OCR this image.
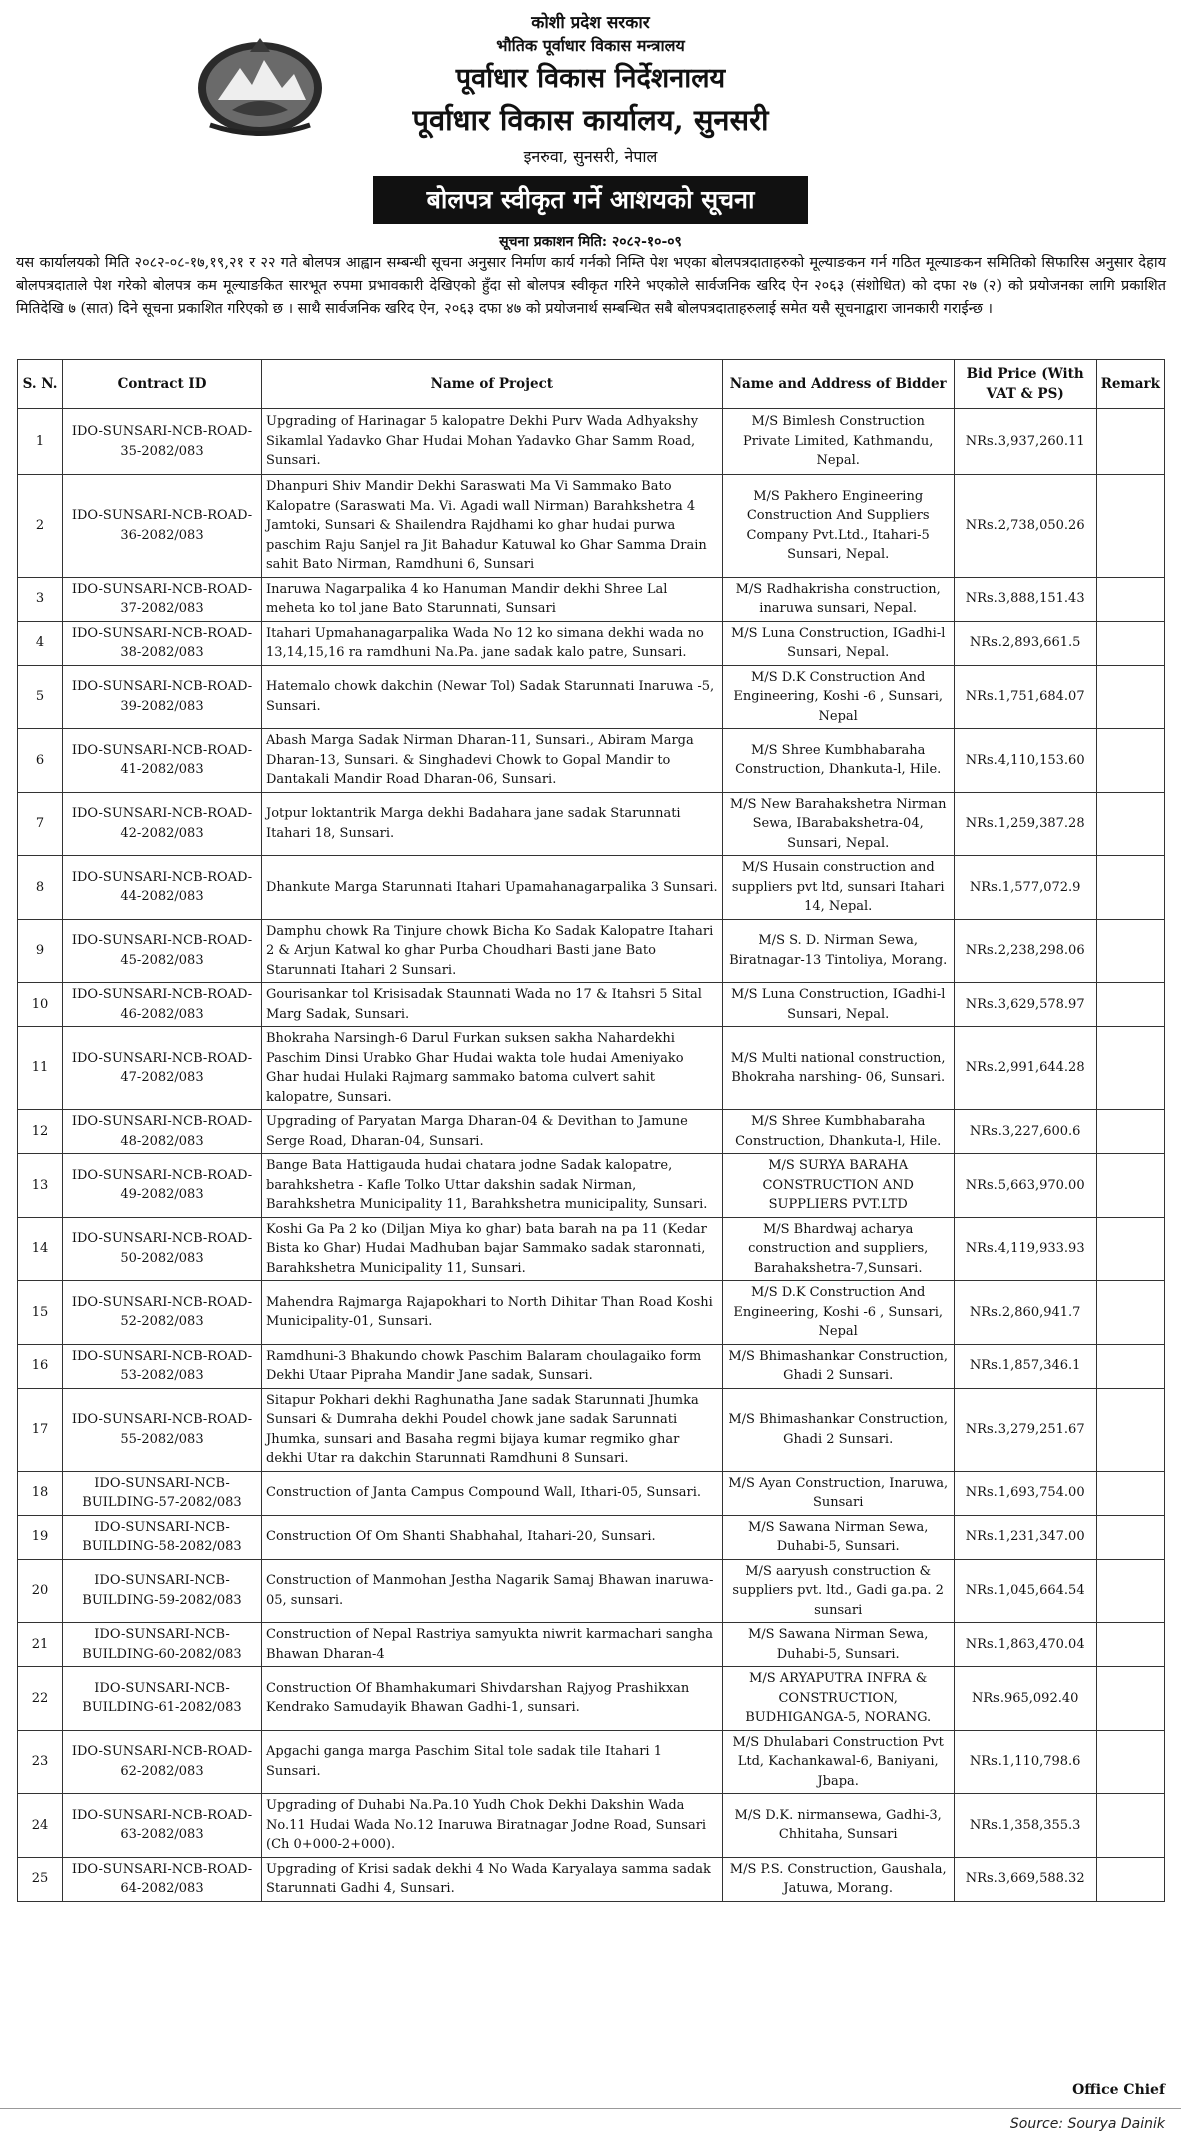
कोशी प्रदेश सरकार
भौतिक पूर्वाधार विकास मन्त्रालय
पूर्वाधार विकास निर्देशनालय
पूर्वाधार विकास कार्यालय, सुनसरी
इनरुवा, सुनसरी, नेपाल
बोलपत्र स्वीकृत गर्ने आशयको सूचना
सूचना प्रकाशन मिति: २०८२-१०-०९
यस कार्यालयको मिति २०८२-०८-१७,१९,२१ र २२ गते बोलपत्र आह्वान सम्बन्धी सूचना अनुसार निर्माण कार्य गर्नको निम्ति पेश भएका बोलपत्रदाताहरुको मूल्याङकन गर्न गठित मूल्याङकन समितिको सिफारिस अनुसार देहाय बोलपत्रदाताले पेश गरेको बोलपत्र कम मूल्याङकित सारभूत रुपमा प्रभावकारी देखिएको हुँदा सो बोलपत्र स्वीकृत गरिने भएकोले सार्वजनिक खरिद ऐन २०६३ (संशोधित) को दफा २७ (२) को प्रयोजनका लागि प्रकाशित मितिदेखि ७ (सात) दिने सूचना प्रकाशित गरिएको छ । साथै सार्वजनिक खरिद ऐन, २०६३ दफा ४७ को प्रयोजनार्थ सम्बन्धित सबै बोलपत्रदाताहरुलाई समेत यसै सूचनाद्वारा जानकारी गराईन्छ ।
S. N.	Contract ID	Name of Project	Name and Address of Bidder	Bid Price (With VAT & PS)	Remark
1	IDO-SUNSARI-NCB-ROAD-35-2082/083	Upgrading of Harinagar 5 kalopatre Dekhi Purv Wada Adhyakshy Sikamlal Yadavko Ghar Hudai Mohan Yadavko Ghar Samm Road, Sunsari.	M/S Bimlesh Construction Private Limited, Kathmandu, Nepal.	NRs.3,937,260.11	
2	IDO-SUNSARI-NCB-ROAD-36-2082/083	Dhanpuri Shiv Mandir Dekhi Saraswati Ma Vi Sammako Bato Kalopatre (Saraswati Ma. Vi. Agadi wall Nirman) Barahkshetra 4 Jamtoki, Sunsari & Shailendra Rajdhami ko ghar hudai purwa paschim Raju Sanjel ra Jit Bahadur Katuwal ko Ghar Samma Drain sahit Bato Nirman, Ramdhuni 6, Sunsari	M/S Pakhero Engineering Construction And Suppliers Company Pvt.Ltd., Itahari-5 Sunsari, Nepal.	NRs.2,738,050.26	
3	IDO-SUNSARI-NCB-ROAD-37-2082/083	Inaruwa Nagarpalika 4 ko Hanuman Mandir dekhi Shree Lal meheta ko tol jane Bato Starunnati, Sunsari	M/S Radhakrisha construction, inaruwa sunsari, Nepal.	NRs.3,888,151.43	
4	IDO-SUNSARI-NCB-ROAD-38-2082/083	Itahari Upmahanagarpalika Wada No 12 ko simana dekhi wada no 13,14,15,16 ra ramdhuni Na.Pa. jane sadak kalo patre, Sunsari.	M/S Luna Construction, IGadhi-l Sunsari, Nepal.	NRs.2,893,661.5	
5	IDO-SUNSARI-NCB-ROAD-39-2082/083	Hatemalo chowk dakchin (Newar Tol) Sadak Starunnati Inaruwa -5, Sunsari.	M/S D.K Construction And Engineering, Koshi -6 , Sunsari, Nepal	NRs.1,751,684.07	
6	IDO-SUNSARI-NCB-ROAD-41-2082/083	Abash Marga Sadak Nirman Dharan-11, Sunsari., Abiram Marga Dharan-13, Sunsari. & Singhadevi Chowk to Gopal Mandir to Dantakali Mandir Road Dharan-06, Sunsari.	M/S Shree Kumbhabaraha Construction, Dhankuta-l, Hile.	NRs.4,110,153.60	
7	IDO-SUNSARI-NCB-ROAD-42-2082/083	Jotpur loktantrik Marga dekhi Badahara jane sadak Starunnati Itahari 18, Sunsari.	M/S New Barahakshetra Nirman Sewa, IBarabakshetra-04, Sunsari, Nepal.	NRs.1,259,387.28	
8	IDO-SUNSARI-NCB-ROAD-44-2082/083	Dhankute Marga Starunnati Itahari Upamahanagarpalika 3 Sunsari.	M/S Husain construction and suppliers pvt ltd, sunsari Itahari 14, Nepal.	NRs.1,577,072.9	
9	IDO-SUNSARI-NCB-ROAD-45-2082/083	Damphu chowk Ra Tinjure chowk Bicha Ko Sadak Kalopatre Itahari 2 & Arjun Katwal ko ghar Purba Choudhari Basti jane Bato Starunnati Itahari 2 Sunsari.	M/S S. D. Nirman Sewa, Biratnagar-13 Tintoliya, Morang.	NRs.2,238,298.06	
10	IDO-SUNSARI-NCB-ROAD-46-2082/083	Gourisankar tol Krisisadak Staunnati Wada no 17 & Itahsri 5 Sital Marg Sadak, Sunsari.	M/S Luna Construction, IGadhi-l Sunsari, Nepal.	NRs.3,629,578.97	
11	IDO-SUNSARI-NCB-ROAD-47-2082/083	Bhokraha Narsingh-6 Darul Furkan suksen sakha Nahardekhi Paschim Dinsi Urabko Ghar Hudai wakta tole hudai Ameniyako Ghar hudai Hulaki Rajmarg sammako batoma culvert sahit kalopatre, Sunsari.	M/S Multi national construction, Bhokraha narshing- 06, Sunsari.	NRs.2,991,644.28	
12	IDO-SUNSARI-NCB-ROAD-48-2082/083	Upgrading of Paryatan Marga Dharan-04 & Devithan to Jamune Serge Road, Dharan-04, Sunsari.	M/S Shree Kumbhabaraha Construction, Dhankuta-l, Hile.	NRs.3,227,600.6	
13	IDO-SUNSARI-NCB-ROAD-49-2082/083	Bange Bata Hattigauda hudai chatara jodne Sadak kalopatre, barahkshetra - Kafle Tolko Uttar dakshin sadak Nirman, Barahkshetra Municipality 11, Barahkshetra municipality, Sunsari.	M/S SURYA BARAHA CONSTRUCTION AND SUPPLIERS PVT.LTD	NRs.5,663,970.00	
14	IDO-SUNSARI-NCB-ROAD-50-2082/083	Koshi Ga Pa 2 ko (Diljan Miya ko ghar) bata barah na pa 11 (Kedar Bista ko Ghar) Hudai Madhuban bajar Sammako sadak staronnati, Barahkshetra Municipality 11, Sunsari.	M/S Bhardwaj acharya construction and suppliers, Barahakshetra-7,Sunsari.	NRs.4,119,933.93	
15	IDO-SUNSARI-NCB-ROAD-52-2082/083	Mahendra Rajmarga Rajapokhari to North Dihitar Than Road Koshi Municipality-01, Sunsari.	M/S D.K Construction And Engineering, Koshi -6 , Sunsari, Nepal	NRs.2,860,941.7	
16	IDO-SUNSARI-NCB-ROAD-53-2082/083	Ramdhuni-3 Bhakundo chowk Paschim Balaram choulagaiko form Dekhi Utaar Pipraha Mandir Jane sadak, Sunsari.	M/S Bhimashankar Construction, Ghadi 2 Sunsari.	NRs.1,857,346.1	
17	IDO-SUNSARI-NCB-ROAD-55-2082/083	Sitapur Pokhari dekhi Raghunatha Jane sadak Starunnati Jhumka Sunsari & Dumraha dekhi Poudel chowk jane sadak Sarunnati Jhumka, sunsari and Basaha regmi bijaya kumar regmiko ghar dekhi Utar ra dakchin Starunnati Ramdhuni 8 Sunsari.	M/S Bhimashankar Construction, Ghadi 2 Sunsari.	NRs.3,279,251.67	
18	IDO-SUNSARI-NCB-BUILDING-57-2082/083	Construction of Janta Campus Compound Wall, Ithari-05, Sunsari.	M/S Ayan Construction, Inaruwa, Sunsari	NRs.1,693,754.00	
19	IDO-SUNSARI-NCB-BUILDING-58-2082/083	Construction Of Om Shanti Shabhahal, Itahari-20, Sunsari.	M/S Sawana Nirman Sewa, Duhabi-5, Sunsari.	NRs.1,231,347.00	
20	IDO-SUNSARI-NCB-BUILDING-59-2082/083	Construction of Manmohan Jestha Nagarik Samaj Bhawan inaruwa-05, sunsari.	M/S aaryush construction & suppliers pvt. ltd., Gadi ga.pa. 2 sunsari	NRs.1,045,664.54	
21	IDO-SUNSARI-NCB-BUILDING-60-2082/083	Construction of Nepal Rastriya samyukta niwrit karmachari sangha Bhawan Dharan-4	M/S Sawana Nirman Sewa, Duhabi-5, Sunsari.	NRs.1,863,470.04	
22	IDO-SUNSARI-NCB-BUILDING-61-2082/083	Construction Of Bhamhakumari Shivdarshan Rajyog Prashikxan Kendrako Samudayik Bhawan Gadhi-1, sunsari.	M/S ARYAPUTRA INFRA & CONSTRUCTION, BUDHIGANGA-5, NORANG.	NRs.965,092.40	
23	IDO-SUNSARI-NCB-ROAD-62-2082/083	Apgachi ganga marga Paschim Sital tole sadak tile Itahari 1 Sunsari.	M/S Dhulabari Construction Pvt Ltd, Kachankawal-6, Baniyani, Jbapa.	NRs.1,110,798.6	
24	IDO-SUNSARI-NCB-ROAD-63-2082/083	Upgrading of Duhabi Na.Pa.10 Yudh Chok Dekhi Dakshin Wada No.11 Hudai Wada No.12 Inaruwa Biratnagar Jodne Road, Sunsari (Ch 0+000-2+000).	M/S D.K. nirmansewa, Gadhi-3, Chhitaha, Sunsari	NRs.1,358,355.3	
25	IDO-SUNSARI-NCB-ROAD-64-2082/083	Upgrading of Krisi sadak dekhi 4 No Wada Karyalaya samma sadak Starunnati Gadhi 4, Sunsari.	M/S P.S. Construction, Gaushala, Jatuwa, Morang.	NRs.3,669,588.32	
Office Chief
Source: Sourya Dainik
